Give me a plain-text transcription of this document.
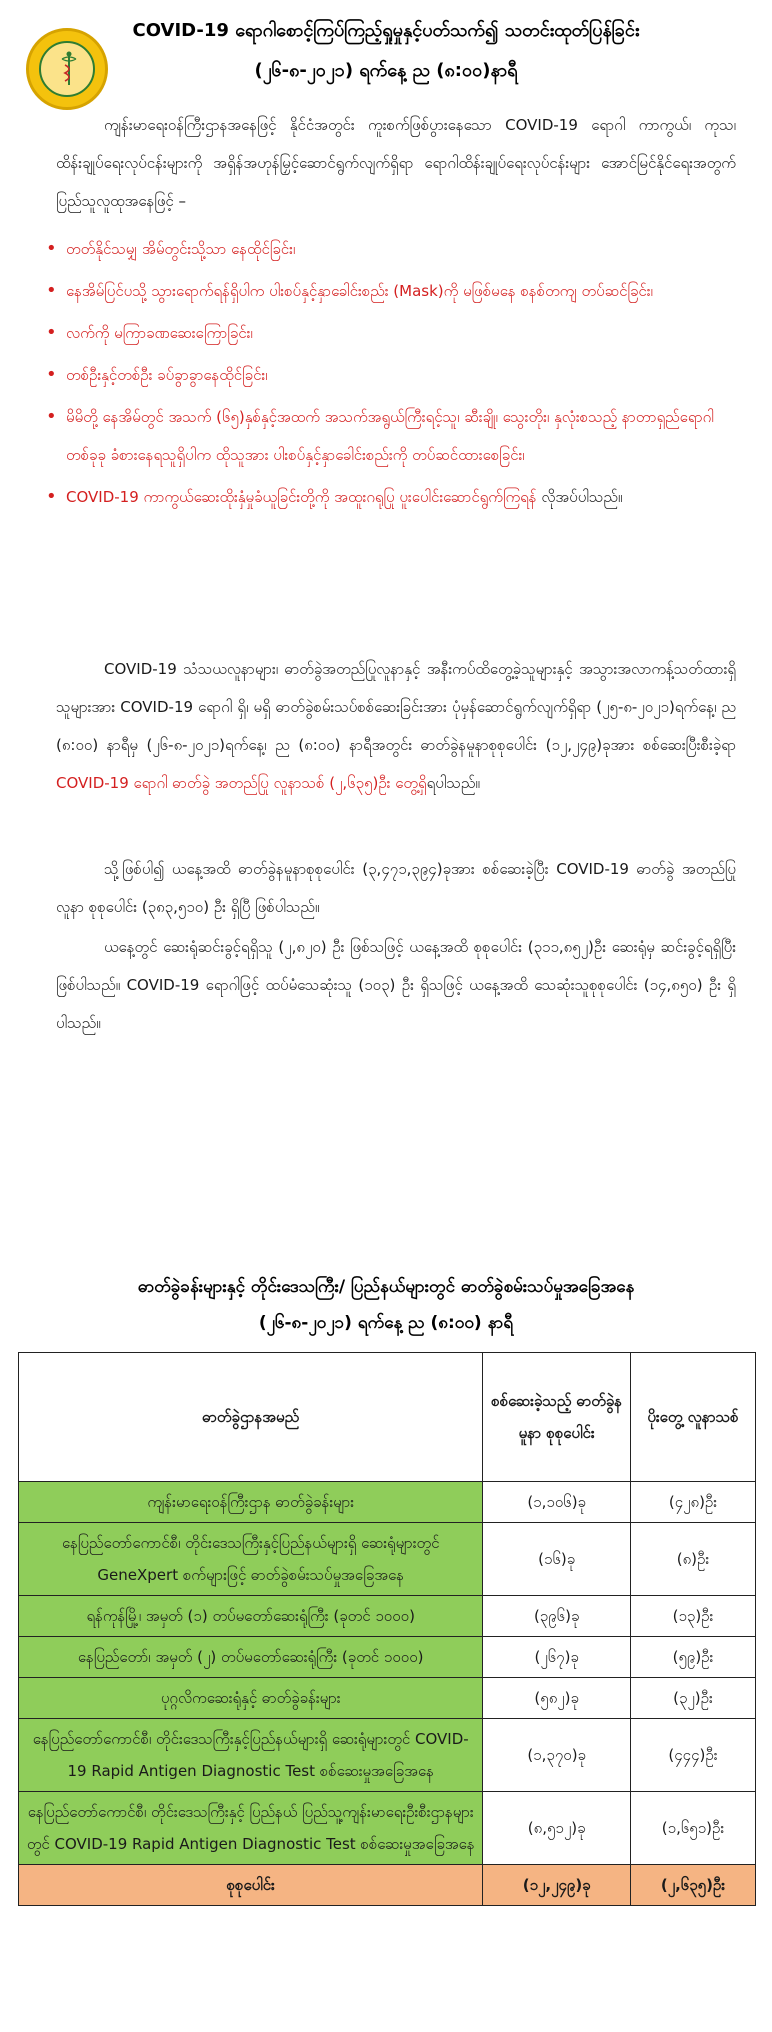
COVID-19 ရောဂါစောင့်ကြပ်ကြည့်ရှုမှုနှင့်ပတ်သက်၍ သတင်းထုတ်ပြန်ခြင်း
(၂၆-၈-၂၀၂၁) ရက်နေ့ ည (၈:၀၀)နာရီ
ကျန်းမာရေးဝန်ကြီးဌာနအနေဖြင့် နိုင်ငံအတွင်း ကူးစက်ဖြစ်ပွားနေသော COVID-19 ရောဂါ ကာကွယ်၊ ကုသ၊ ထိန်းချုပ်ရေးလုပ်ငန်းများကို အရှိန်အဟုန်မြှင့်ဆောင်ရွက်လျက်ရှိရာ ရောဂါထိန်းချုပ်ရေးလုပ်ငန်းများ အောင်မြင်နိုင်ရေးအတွက် ပြည်သူလူထုအနေဖြင့် –
• တတ်နိုင်သမျှ အိမ်တွင်းသို့သာ နေထိုင်ခြင်း၊
• နေအိမ်ပြင်ပသို့ သွားရောက်ရန်ရှိပါက ပါးစပ်နှင့်နှာခေါင်းစည်း (Mask)ကို မဖြစ်မနေ စနစ်တကျ တပ်ဆင်ခြင်း၊
• လက်ကို မကြာခဏဆေးကြောခြင်း၊
• တစ်ဦးနှင့်တစ်ဦး ခပ်ခွာခွာနေထိုင်ခြင်း၊
• မိမိတို့ နေအိမ်တွင် အသက် (၆၅)နှစ်နှင့်အထက် အသက်အရွယ်ကြီးရင့်သူ၊ ဆီးချို၊ သွေးတိုး၊ နှလုံးစသည့် နာတာရှည်ရောဂါတစ်ခုခု ခံစားနေရသူရှိပါက ထိုသူအား ပါးစပ်နှင့်နှာခေါင်းစည်းကို တပ်ဆင်ထားစေခြင်း၊
• COVID-19 ကာကွယ်ဆေးထိုးနှံမှုခံယူခြင်းတို့ကို အထူးဂရုပြု ပူးပေါင်းဆောင်ရွက်ကြရန် လိုအပ်ပါသည်။
COVID-19 သံသယလူနာများ၊ ဓာတ်ခွဲအတည်ပြုလူနာနှင့် အနီးကပ်ထိတွေ့ခဲ့သူများနှင့် အသွားအလာကန့်သတ်ထားရှိသူများအား COVID-19 ရောဂါ ရှိ၊ မရှိ ဓာတ်ခွဲစမ်းသပ်စစ်ဆေးခြင်းအား ပုံမှန်ဆောင်ရွက်လျက်ရှိရာ (၂၅-၈-၂၀၂၁)ရက်နေ့၊ ည (၈:၀၀) နာရီမှ (၂၆-၈-၂၀၂၁)ရက်နေ့၊ ည (၈:၀၀) နာရီအတွင်း ဓာတ်ခွဲနမူနာစုစုပေါင်း (၁၂,၂၄၉)ခုအား စစ်ဆေးပြီးစီးခဲ့ရာ COVID-19 ရောဂါ ဓာတ်ခွဲ အတည်ပြု လူနာသစ် (၂,၆၃၅)ဦး တွေ့ရှိရပါသည်။
သို့ဖြစ်ပါ၍ ယနေ့အထိ ဓာတ်ခွဲနမူနာစုစုပေါင်း (၃,၄၇၁,၃၉၄)ခုအား စစ်ဆေးခဲ့ပြီး COVID-19 ဓာတ်ခွဲ အတည်ပြုလူနာ စုစုပေါင်း (၃၈၃,၅၁၀) ဦး ရှိပြီ ဖြစ်ပါသည်။
ယနေ့တွင် ဆေးရုံဆင်းခွင့်ရရှိသူ (၂,၈၂၀) ဦး ဖြစ်သဖြင့် ယနေ့အထိ စုစုပေါင်း (၃၁၁,၈၅၂)ဦး ဆေးရုံမှ ဆင်းခွင့်ရရှိပြီး ဖြစ်ပါသည်။ COVID-19 ရောဂါဖြင့် ထပ်မံသေဆုံးသူ (၁၀၃) ဦး ရှိသဖြင့် ယနေ့အထိ သေဆုံးသူစုစုပေါင်း (၁၄,၈၅၀) ဦး ရှိပါသည်။
ဓာတ်ခွဲခန်းများနှင့် တိုင်းဒေသကြီး/ ပြည်နယ်များတွင် ဓာတ်ခွဲစမ်းသပ်မှုအခြေအနေ
(၂၆-၈-၂၀၂၁) ရက်နေ့ ည (၈:၀၀) နာရီ
ဓာတ်ခွဲဌာနအမည်	စစ်ဆေးခဲ့သည့် ဓာတ်ခွဲနမူနာ စုစုပေါင်း	ပိုးတွေ့ လူနာသစ်
ကျန်းမာရေးဝန်ကြီးဌာန ဓာတ်ခွဲခန်းများ	(၁,၁၀၆)ခု	(၄၂၈)ဦး
နေပြည်တော်ကောင်စီ၊ တိုင်းဒေသကြီးနှင့်ပြည်နယ်များရှိ ဆေးရုံများတွင် GeneXpert စက်များဖြင့် ဓာတ်ခွဲစမ်းသပ်မှုအခြေအနေ	(၁၆)ခု	(၈)ဦး
ရန်ကုန်မြို့၊ အမှတ် (၁) တပ်မတော်ဆေးရုံကြီး (ခုတင် ၁၀၀၀)	(၃၉၆)ခု	(၁၃)ဦး
နေပြည်တော်၊ အမှတ် (၂) တပ်မတော်ဆေးရုံကြီး (ခုတင် ၁၀၀၀)	(၂၆၇)ခု	(၅၉)ဦး
ပုဂ္ဂလိကဆေးရုံနှင့် ဓာတ်ခွဲခန်းများ	(၅၈၂)ခု	(၃၂)ဦး
နေပြည်တော်ကောင်စီ၊ တိုင်းဒေသကြီးနှင့်ပြည်နယ်များရှိ ဆေးရုံများတွင် COVID-19 Rapid Antigen Diagnostic Test စစ်ဆေးမှုအခြေအနေ	(၁,၃၇၀)ခု	(၄၄၄)ဦး
နေပြည်တော်ကောင်စီ၊ တိုင်းဒေသကြီးနှင့် ပြည်နယ် ပြည်သူ့ကျန်းမာရေးဦးစီးဌာနများတွင် COVID-19 Rapid Antigen Diagnostic Test စစ်ဆေးမှုအခြေအနေ	(၈,၅၁၂)ခု	(၁,၆၅၁)ဦး
စုစုပေါင်း	(၁၂,၂၄၉)ခု	(၂,၆၃၅)ဦး
